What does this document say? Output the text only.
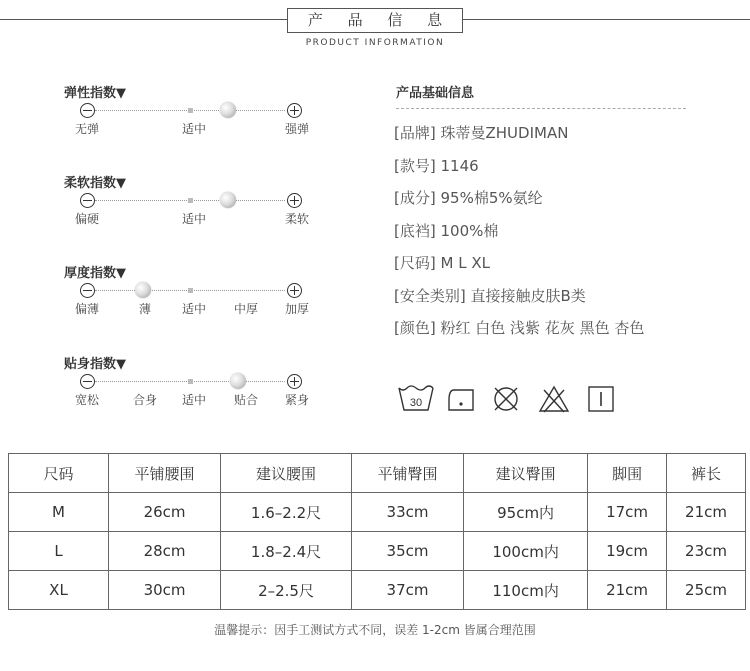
产 品 信 息
PRODUCT INFORMATION
弹性指数▼
无弹	适中	强弹
柔软指数▼
偏硬	适中	柔软
厚度指数▼
偏薄	薄	适中	中厚	加厚
贴身指数▼
宽松	合身	适中	贴合	紧身
产品基础信息
[品牌] 珠蒂曼ZHUDIMAN
[款号] 1146
[成分] 95%棉5%氨纶
[底裆] 100%棉
[尺码] M L XL
[安全类别] 直接接触皮肤B类
[颜色] 粉红 白色 浅紫 花灰 黑色 杏色
30
尺码	平铺腰围	建议腰围	平铺臀围	建议臀围	脚围	裤长
M	26cm	1.6–2.2尺	33cm	95cm内	17cm	21cm
L	28cm	1.8–2.4尺	35cm	100cm内	19cm	23cm
XL	30cm	2–2.5尺	37cm	110cm内	21cm	25cm
温馨提示：因手工测试方式不同，误差 1-2cm 皆属合理范围
